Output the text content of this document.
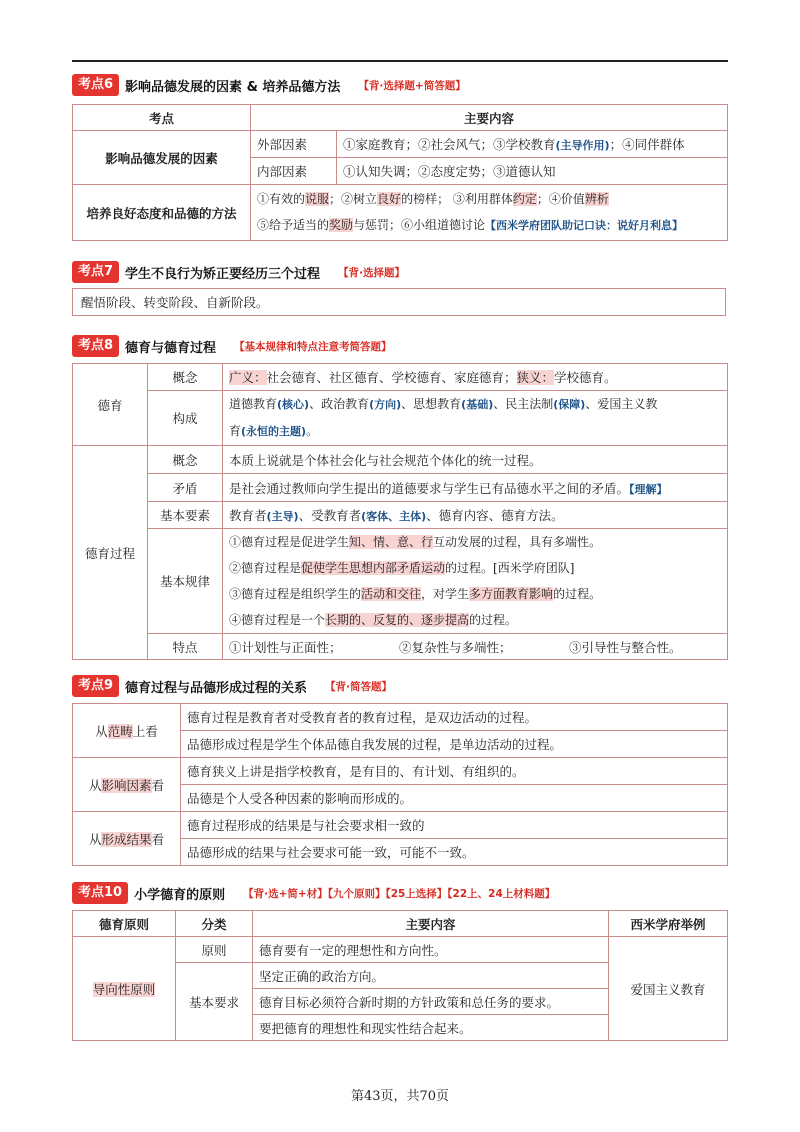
考点6 影响品德发展的因素 & 培养品德方法 【背·选择题+简答题】
考点	主要内容	
影响品德发展的因素	外部因素	①家庭教育；②社会风气；③学校教育(主导作用)；④同伴群体
	内部因素	①认知失调；②态度定势；③道德认知
培养良好态度和品德的方法	①有效的说服；②树立良好的榜样； ③利用群体约定；④价值辨析
⑤给予适当的奖励与惩罚；⑥小组道德讨论【西米学府团队助记口诀：说好月利息】	
考点7 学生不良行为矫正要经历三个过程 【背·选择题】
醒悟阶段、转变阶段、自新阶段。
考点8 德育与德育过程 【基本规律和特点注意考简答题】
德育	概念	广义：社会德育、社区德育、学校德育、家庭德育；狭义：学校德育。
	构成	道德教育(核心)、政治教育(方向)、思想教育(基础)、民主法制(保障)、爱国主义教
育(永恒的主题)。
德育过程	概念	本质上说就是个体社会化与社会规范个体化的统一过程。
	矛盾	是社会通过教师向学生提出的道德要求与学生已有品德水平之间的矛盾。【理解】
	基本要素	教育者(主导)、受教育者(客体、主体)、德育内容、德育方法。
	基本规律	①德育过程是促进学生知、情、意、行互动发展的过程，具有多端性。
②德育过程是促使学生思想内部矛盾运动的过程。[西米学府团队]
③德育过程是组织学生的活动和交往，对学生多方面教育影响的过程。
④德育过程是一个长期的、反复的、逐步提高的过程。

	特点	①计划性与正面性； ②复杂性与多端性； ③引导性与整合性。
考点9 德育过程与品德形成过程的关系 【背·简答题】
从范畴上看	德育过程是教育者对受教育者的教育过程，是双边活动的过程。
	品德形成过程是学生个体品德自我发展的过程，是单边活动的过程。
从影响因素看	德育狭义上讲是指学校教育，是有目的、有计划、有组织的。
	品德是个人受各种因素的影响而形成的。
从形成结果看	德育过程形成的结果是与社会要求相一致的
	品德形成的结果与社会要求可能一致，可能不一致。
考点10 小学德育的原则 【背·选+简+材】【九个原则】【25上选择】【22上、24上材料题】
德育原则	分类	主要内容	西米学府举例
导向性原则	原则	德育要有一定的理想性和方向性。	爱国主义教育
	基本要求	坚定正确的政治方向。	
		德育目标必须符合新时期的方针政策和总任务的要求。	
		要把德育的理想性和现实性结合起来。	
第43页，共70页
